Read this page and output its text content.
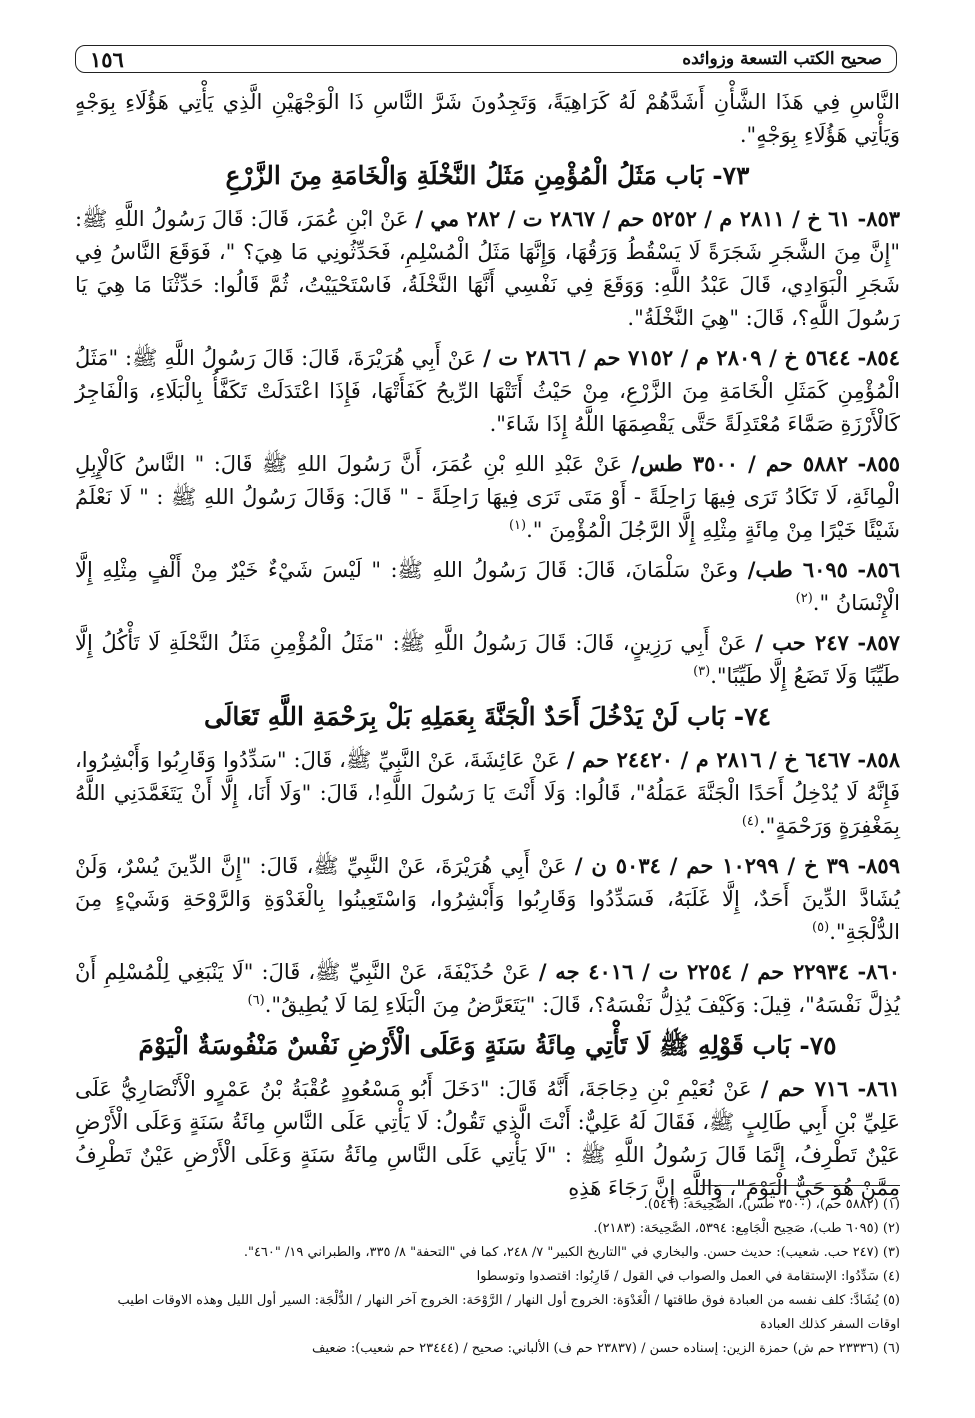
١٥٦	صحيح الكتب التسعة وزوائده

النَّاسِ فِي هَذَا الشَّأْنِ أَشَدَّهُمْ لَهُ كَرَاهِيَةً، وَتَجِدُونَ شَرَّ النَّاسِ ذَا الْوَجْهَيْنِ الَّذِي يَأْتِي هَؤُلَاءِ بِوَجْهٍ وَيَأْتِي هَؤُلَاءِ بِوَجْهٍ".

٧٣- بَاب مَثَلُ الْمُؤْمِنِ مَثَلُ النَّخْلَةِ وَالْخَامَةِ مِنَ الزَّرْعِ

٨٥٣- ٦١ خ / ٢٨١١ م / ٥٢٥٢ حم / ٢٨٦٧ ت / ٢٨٢ مي / عَنْ ابْنِ عُمَرَ، قَالَ: قَالَ رَسُولُ اللَّهِ ﷺ: "إِنَّ مِنَ الشَّجَرِ شَجَرَةً لَا يَسْقُطُ وَرَقُهَا، وَإِنَّهَا مَثَلُ الْمُسْلِمِ، فَحَدِّثُونِي مَا هِيَ؟ "، فَوَقَعَ النَّاسُ فِي شَجَرِ الْبَوَادِي، قَالَ عَبْدُ اللَّهِ: وَوَقَعَ فِي نَفْسِي أَنَّهَا النَّخْلَةُ، فَاسْتَحْيَيْتُ، ثُمَّ قَالُوا: حَدِّثْنَا مَا هِيَ يَا رَسُولَ اللَّهِ؟، قَالَ: "هِيَ النَّخْلَةُ".

٨٥٤- ٥٦٤٤ خ / ٢٨٠٩ م / ٧١٥٢ حم / ٢٨٦٦ ت / عَنْ أَبِي هُرَيْرَةَ، قَالَ: قَالَ رَسُولُ اللَّهِ ﷺ: "مَثَلُ الْمُؤْمِنِ كَمَثَلِ الْخَامَةِ مِنَ الزَّرْعِ، مِنْ حَيْثُ أَتَتْهَا الرِّيحُ كَفَأَتْهَا، فَإِذَا اعْتَدَلَتْ تَكَفَّأُ بِالْبَلَاءِ، وَالْفَاجِرُ كَالْأَرْزَةِ صَمَّاءَ مُعْتَدِلَةً حَتَّى يَقْصِمَهَا اللَّهُ إِذَا شَاءَ".

٨٥٥- ٥٨٨٢ حم / ٣٥٠٠ طس/ عَنْ عَبْدِ اللهِ بْنِ عُمَرَ، أَنَّ رَسُولَ اللهِ ﷺ قَالَ: " النَّاسُ كَالْإِبِلِ الْمِائَةِ، لَا تَكَادُ تَرَى فِيهَا رَاحِلَةً - أَوْ مَتَى تَرَى فِيهَا رَاحِلَةً - " قَالَ: وَقَالَ رَسُولُ اللهِ ﷺ : " لَا نَعْلَمُ شَيْئًا خَيْرًا مِنْ مِائَةٍ مِثْلِهِ إِلَّا الرَّجُلَ الْمُؤْمِنَ ".$^{(١)}$

٨٥٦- ٦٠٩٥ طب/ وعَنْ سَلْمَانَ، قَالَ: قَالَ رَسُولُ اللهِ ﷺ: " لَيْسَ شَيْءٌ خَيْرٌ مِنْ أَلْفٍ مِثْلِهِ إِلَّا الْإِنْسَانُ ".$^{(٢)}$

٨٥٧- ٢٤٧ حب / عَنْ أَبِي رَزِينٍ، قَالَ: قَالَ رَسُولُ اللَّهِ ﷺ: "مَثَلُ الْمُؤْمِنِ مَثَلُ النَّحْلَةِ لَا تَأْكُلُ إِلَّا طَيِّبًا وَلَا تَضَعُ إِلَّا طَيِّبًا".$^{(٣)}$

٧٤- بَاب لَنْ يَدْخُلَ أَحَدٌ الْجَنَّةَ بِعَمَلِهِ بَلْ بِرَحْمَةِ اللَّهِ تَعَالَى

٨٥٨- ٦٤٦٧ خ / ٢٨١٦ م / ٢٤٤٢٠ حم / عَنْ عَائِشَةَ، عَنْ النَّبِيِّ ﷺ، قَالَ: "سَدِّدُوا وَقَارِبُوا وَأَبْشِرُوا، فَإِنَّهُ لَا يُدْخِلُ أَحَدًا الْجَنَّةَ عَمَلُهُ"، قَالُوا: وَلَا أَنْتَ يَا رَسُولَ اللَّهِ!، قَالَ: "وَلَا أَنَا، إِلَّا أَنْ يَتَغَمَّدَنِي اللَّهُ بِمَغْفِرَةٍ وَرَحْمَةٍ".$^{(٤)}$

٨٥٩- ٣٩ خ / ١٠٢٩٩ حم / ٥٠٣٤ ن / عَنْ أَبِي هُرَيْرَةَ، عَنْ النَّبِيِّ ﷺ، قَالَ: "إِنَّ الدِّينَ يُسْرٌ، وَلَنْ يُشَادَّ الدِّينَ أَحَدٌ، إِلَّا غَلَبَهُ، فَسَدِّدُوا وَقَارِبُوا وَأَبْشِرُوا، وَاسْتَعِينُوا بِالْغَدْوَةِ وَالرَّوْحَةِ وَشَيْءٍ مِنَ الدُّلْجَةِ".$^{(٥)}$

٨٦٠- ٢٢٩٣٤ حم / ٢٢٥٤ ت / ٤٠١٦ جه / عَنْ حُذَيْفَةَ، عَنْ النَّبِيِّ ﷺ، قَالَ: "لَا يَنْبَغِي لِلْمُسْلِمِ أَنْ يُذِلَّ نَفْسَهُ"، قِيلَ: وَكَيْفَ يُذِلُّ نَفْسَهُ؟، قَالَ: "يَتَعَرَّضُ مِنَ الْبَلَاءِ لِمَا لَا يُطِيقُ".$^{(٦)}$

٧٥- بَاب قَوْلِهِ ﷺ لَا تَأْتِي مِائَةُ سَنَةٍ وَعَلَى الْأَرْضِ نَفْسٌ مَنْفُوسَةٌ الْيَوْمَ

٨٦١- ٧١٦ حم / عَنْ نُعَيْمِ بْنِ دِجَاجَةَ، أَنَّهُ قَالَ: "دَخَلَ أَبُو مَسْعُودٍ عُقْبَةُ بْنُ عَمْرٍو الْأَنْصَارِيُّ عَلَى عَلِيِّ بْنِ أَبِي طَالِبٍ ﷺ، فَقَالَ لَهُ عَلِيٌّ: أَنْتَ الَّذِي تَقُولُ: لَا يَأْتِي عَلَى النَّاسِ مِائَةُ سَنَةٍ وَعَلَى الْأَرْضِ عَيْنٌ تَطْرِفُ، إِنَّمَا قَالَ رَسُولُ اللَّهِ ﷺ : "لَا يَأْتِي عَلَى النَّاسِ مِائَةُ سَنَةٍ وَعَلَى الْأَرْضِ عَيْنٌ تَطْرِفُ مِمَّنْ هُوَ حَيٌّ الْيَوْمَ"، وَاللَّهِ إِنَّ رَجَاءَ هَذِهِ

(١) (٥٨٨٢ حم)، (٣٥٠٠ طس)، الصَّحِيحَة: (٥٤٦).

(٢) (٦٠٩٥ طب)، صَحِيح الْجَامِع: ٥٣٩٤، الصَّحِيحَة: (٢١٨٣).

(٣) (٢٤٧ حب. شعيب): حديث حسن. والبخاري في "التاريخ الكبير" ٧/ ٢٤٨، كما في "التحفة" ٨/ ٣٣٥، والطبراني ١٩/ "٤٦٠".

(٤) سَدِّدُوا: الإستقامة في العمل والصواب في القول / قَارِبُوا: اقتصدوا وتوسطوا

(٥) يُشَادَّ: كلف نفسه من العبادة فوق طاقتها / الْغَدْوَة: الخروج أول النهار / الرَّوْحَة: الخروج آخر النهار / الدُّلْجَة: السير أول الليل وهذه الاوقات اطيب اوقات السفر كذلك العبادة

(٦) (٢٣٣٣٦ حم ش) حمزة الزين: إسناده حسن / (٢٣٨٣٧ حم ف) الألباني: صحيح / (٢٣٤٤٤ حم شعيب): ضعيف
